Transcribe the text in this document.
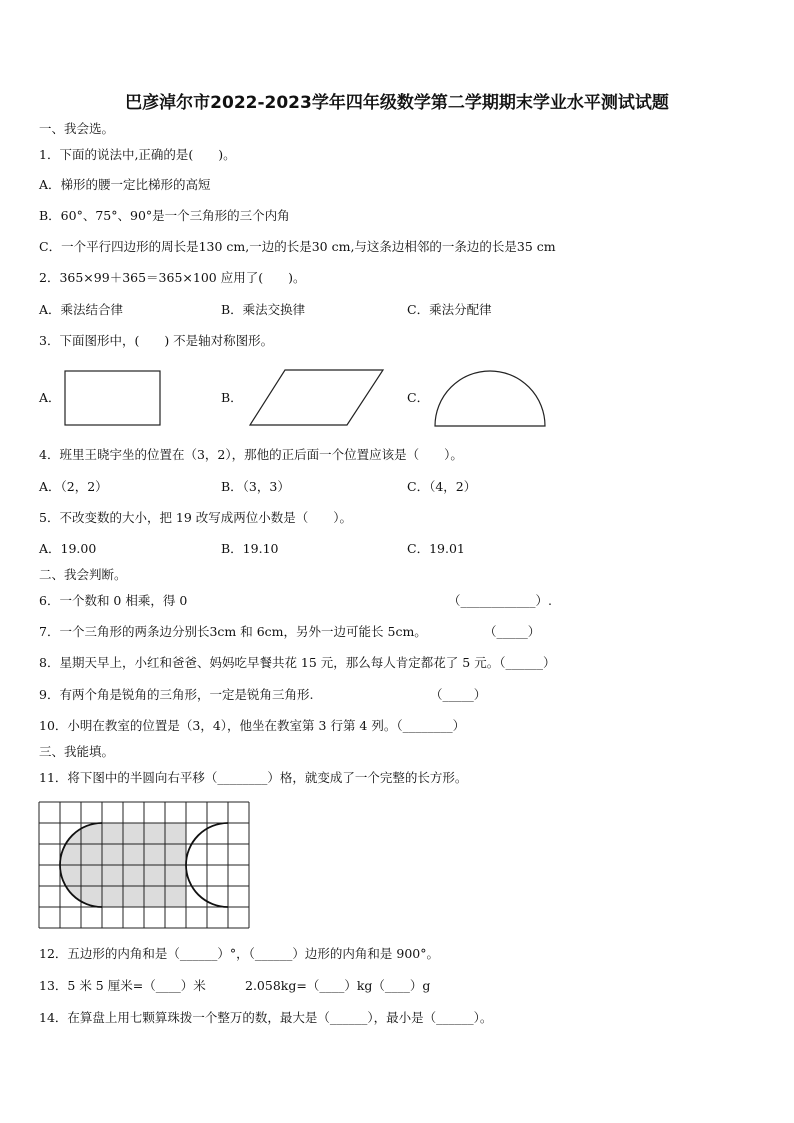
巴彦淖尔市2022-2023学年四年级数学第二学期期末学业水平测试试题
一、我会选。
1．下面的说法中,正确的是(　　)。
A．梯形的腰一定比梯形的高短
B．60°、75°、90°是一个三角形的三个内角
C．一个平行四边形的周长是130 cm,一边的长是30 cm,与这条边相邻的一条边的长是35 cm
2．365×99＋365＝365×100 应用了(　　)。
A．乘法结合律	B．乘法交换律	C．乘法分配律
3．下面图形中，(　　) 不是轴对称图形。
A．	B．	C．
4．班里王晓宇坐的位置在（3，2），那他的正后面一个位置应该是（　　）。
A．（2，2）	B．（3，3）	C．（4，2）
5．不改变数的大小，把 19 改写成两位小数是（　　）。
A．19.00	B．19.10	C．19.01
二、我会判断。
6．一个数和 0 相乘，得 0	（____________）.
7．一个三角形的两条边分别长3cm 和 6cm，另外一边可能长 5cm。	（_____）
8．星期天早上，小红和爸爸、妈妈吃早餐共花 15 元，那么每人肯定都花了 5 元。（______）
9．有两个角是锐角的三角形，一定是锐角三角形.	（_____）
10．小明在教室的位置是（3，4），他坐在教室第 3 行第 4 列。（________）
三、我能填。
11．将下图中的半圆向右平移（________）格，就变成了一个完整的长方形。
12．五边形的内角和是（______）°，（______）边形的内角和是 900°。
13．5 米 5 厘米=（____）米	2.058kg=（____）kg（____）g
14．在算盘上用七颗算珠拨一个整万的数，最大是（______），最小是（______）。
